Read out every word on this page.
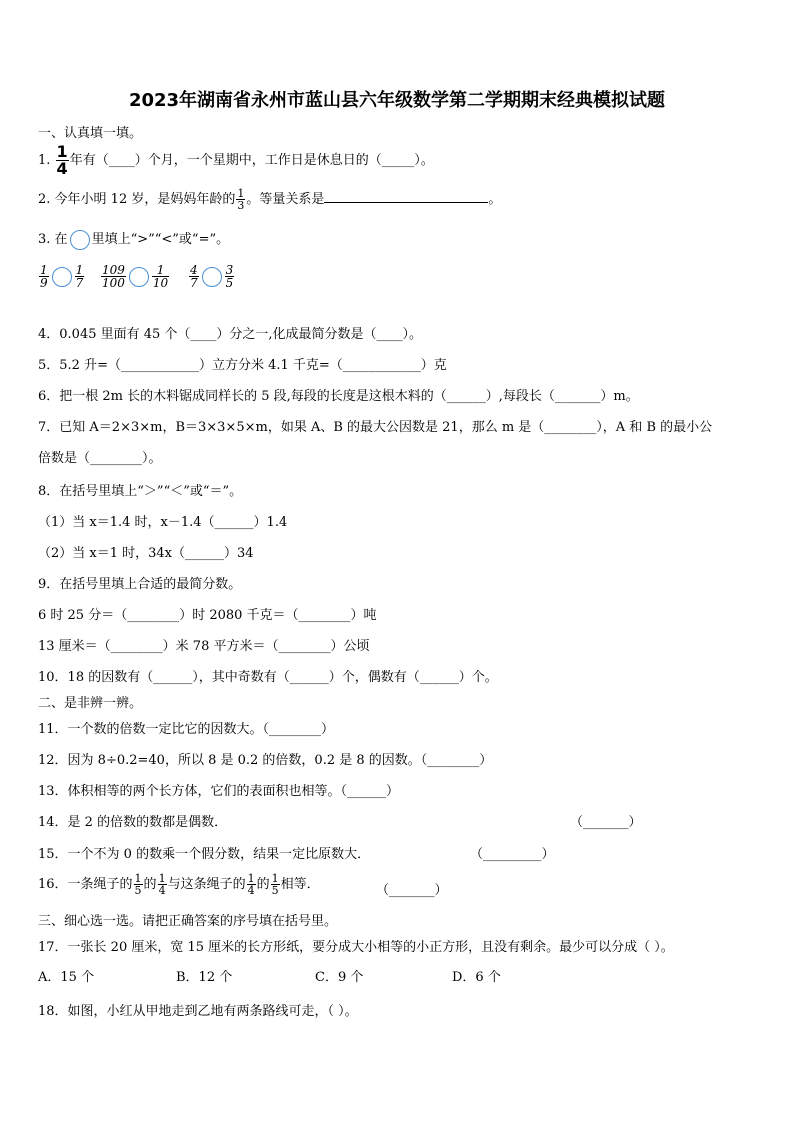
2023年湖南省永州市蓝山县六年级数学第二学期期末经典模拟试题
一、认真填一填。
1. $\frac{1}{4}$ 年有（____）个月，一个星期中，工作日是休息日的（_____）。
2. 今年小明 12 岁，是妈妈年龄的 $\frac{1}{3}$ 。等量关系是	。
3. 在 里填上“>”“<”或“=”。
$\frac{1}{9} \frac{1}{7} \frac{109}{100} \frac{1}{10} \frac{4}{7} \frac{3}{5}$
4．0.045 里面有 45 个（____）分之一,化成最简分数是（____）。
5．5.2 升=（____________）立方分米 4.1 千克=（____________）克
6．把一根 2m 长的木料锯成同样长的 5 段,每段的长度是这根木料的（______）,每段长（_______）m。
7．已知 A＝2×3×m，B＝3×3×5×m，如果 A、B 的最大公因数是 21，那么 m 是（________），A 和 B 的最小公
倍数是（________）。
8．在括号里填上“＞”“＜”或“＝”。
（1）当 x＝1.4 时，x－1.4（______）1.4
（2）当 x＝1 时，34x（______）34
9．在括号里填上合适的最简分数。
6 时 25 分＝（________）时 2080 千克＝（________）吨
13 厘米＝（________）米 78 平方米＝（________）公顷
10．18 的因数有（______），其中奇数有（______）个，偶数有（______）个。
二、是非辨一辨。
11．一个数的倍数一定比它的因数大。（________）
12．因为 8÷0.2=40，所以 8 是 0.2 的倍数，0.2 是 8 的因数。（________）
13．体积相等的两个长方体，它们的表面积也相等。（______）
14．是 2 的倍数的数都是偶数．	（_______）
15．一个不为 0 的数乘一个假分数，结果一定比原数大．	（_________）
16．一条绳子的 $\frac{1}{5}$ 的 $\frac{1}{4}$ 与这条绳子的 $\frac{1}{4}$ 的 $\frac{1}{5}$ 相等．	（_______）
三、细心选一选。请把正确答案的序号填在括号里。
17．一张长 20 厘米，宽 15 厘米的长方形纸，要分成大小相等的小正方形，且没有剩余。最少可以分成（ ）。
A．15 个	B．12 个	C．9 个	D．6 个
18．如图，小红从甲地走到乙地有两条路线可走，（ ）。
